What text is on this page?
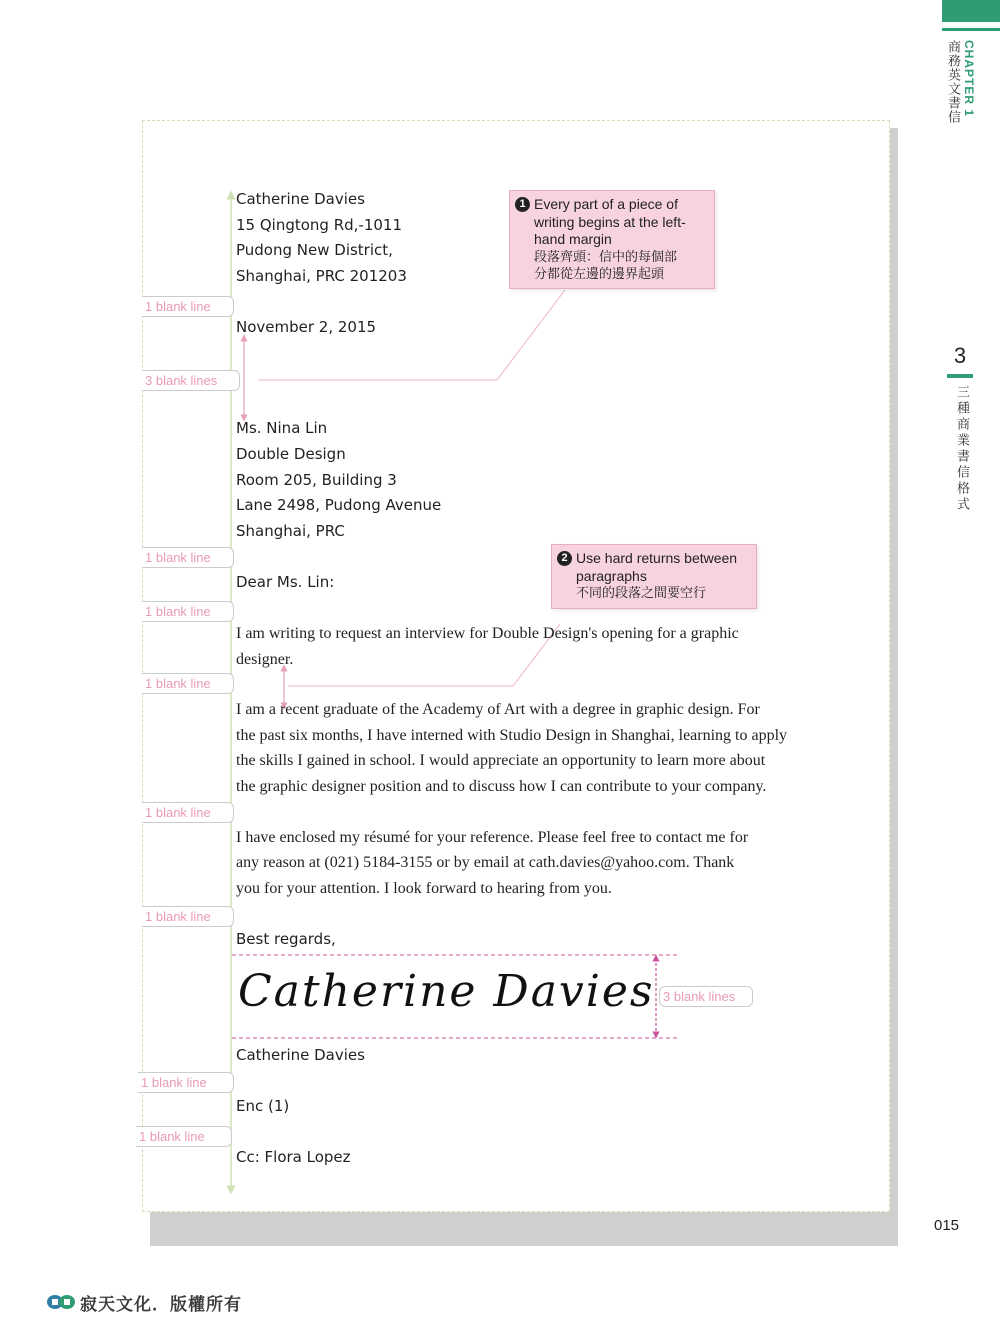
CHAPTER 1
商務英文書信
3
三種商業書信格式
015
Catherine Davies
15 Qingtong Rd,-1011
Pudong New District,
Shanghai, PRC 201203
November 2, 2015
Ms. Nina Lin
Double Design
Room 205, Building 3
Lane 2498, Pudong Avenue
Shanghai, PRC
Dear Ms. Lin:
I am writing to request an interview for Double Design's opening for a graphic
designer.
I am a recent graduate of the Academy of Art with a degree in graphic design. For
the past six months, I have interned with Studio Design in Shanghai, learning to apply
the skills I gained in school. I would appreciate an opportunity to learn more about
the graphic designer position and to discuss how I can contribute to your company.
I have enclosed my résumé for your reference. Please feel free to contact me for
any reason at (021) 5184-3155 or by email at cath.davies@yahoo.com. Thank
you for your attention. I look forward to hearing from you.
Best regards,
Catherine Davies
Catherine Davies
Enc (1)
Cc: Flora Lopez
1 blank line
3 blank lines
1 blank line
1 blank line
1 blank line
1 blank line
1 blank line
1 blank line
1 blank line
3 blank lines
1 Every part of a piece of
writing begins at the left-
hand margin
段落齊頭：信中的每個部
分都從左邊的邊界起頭
2 Use hard returns between
paragraphs
不同的段落之間要空行
寂天文化．版權所有
